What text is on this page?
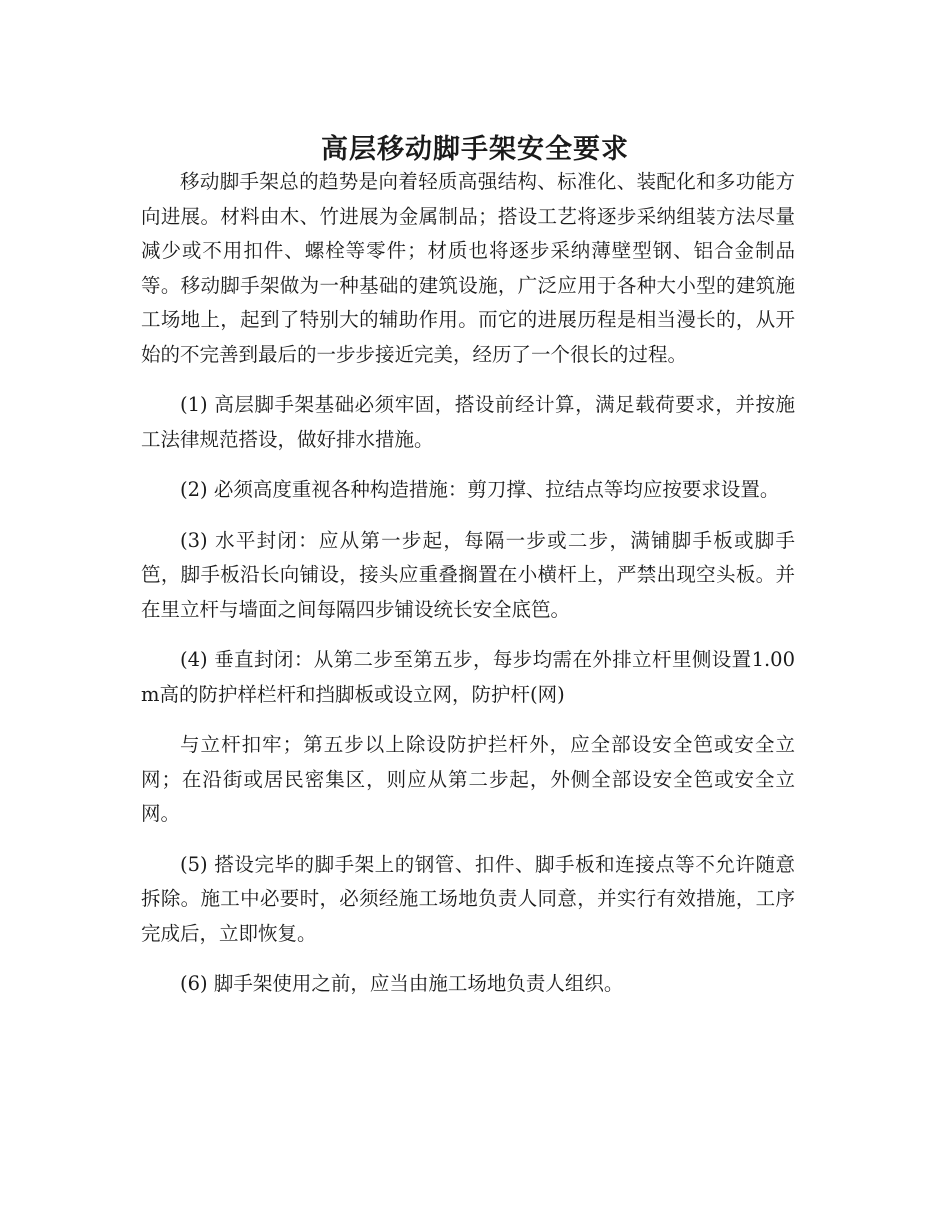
高层移动脚手架安全要求

移动脚手架总的趋势是向着轻质高强结构、标准化、装配化和多功能方向进展。材料由木、竹进展为金属制品；搭设工艺将逐步采纳组装方法尽量减少或不用扣件、螺栓等零件；材质也将逐步采纳薄壁型钢、铝合金制品等。移动脚手架做为一种基础的建筑设施，广泛应用于各种大小型的建筑施工场地上，起到了特别大的辅助作用。而它的进展历程是相当漫长的，从开始的不完善到最后的一步步接近完美，经历了一个很长的过程。

(1) 高层脚手架基础必须牢固，搭设前经计算，满足载荷要求，并按施工法律规范搭设，做好排水措施。

(2) 必须高度重视各种构造措施：剪刀撑、拉结点等均应按要求设置。

(3) 水平封闭：应从第一步起，每隔一步或二步，满铺脚手板或脚手笆，脚手板沿长向铺设，接头应重叠搁置在小横杆上，严禁出现空头板。并在里立杆与墙面之间每隔四步铺设统长安全底笆。

(4) 垂直封闭：从第二步至第五步，每步均需在外排立杆里侧设置1.00m高的防护样栏杆和挡脚板或设立网，防护杆(网)

与立杆扣牢；第五步以上除设防护拦杆外，应全部设安全笆或安全立网；在沿街或居民密集区，则应从第二步起，外侧全部设安全笆或安全立网。

(5) 搭设完毕的脚手架上的钢管、扣件、脚手板和连接点等不允许随意拆除。施工中必要时，必须经施工场地负责人同意，并实行有效措施，工序完成后，立即恢复。

(6) 脚手架使用之前，应当由施工场地负责人组织。
